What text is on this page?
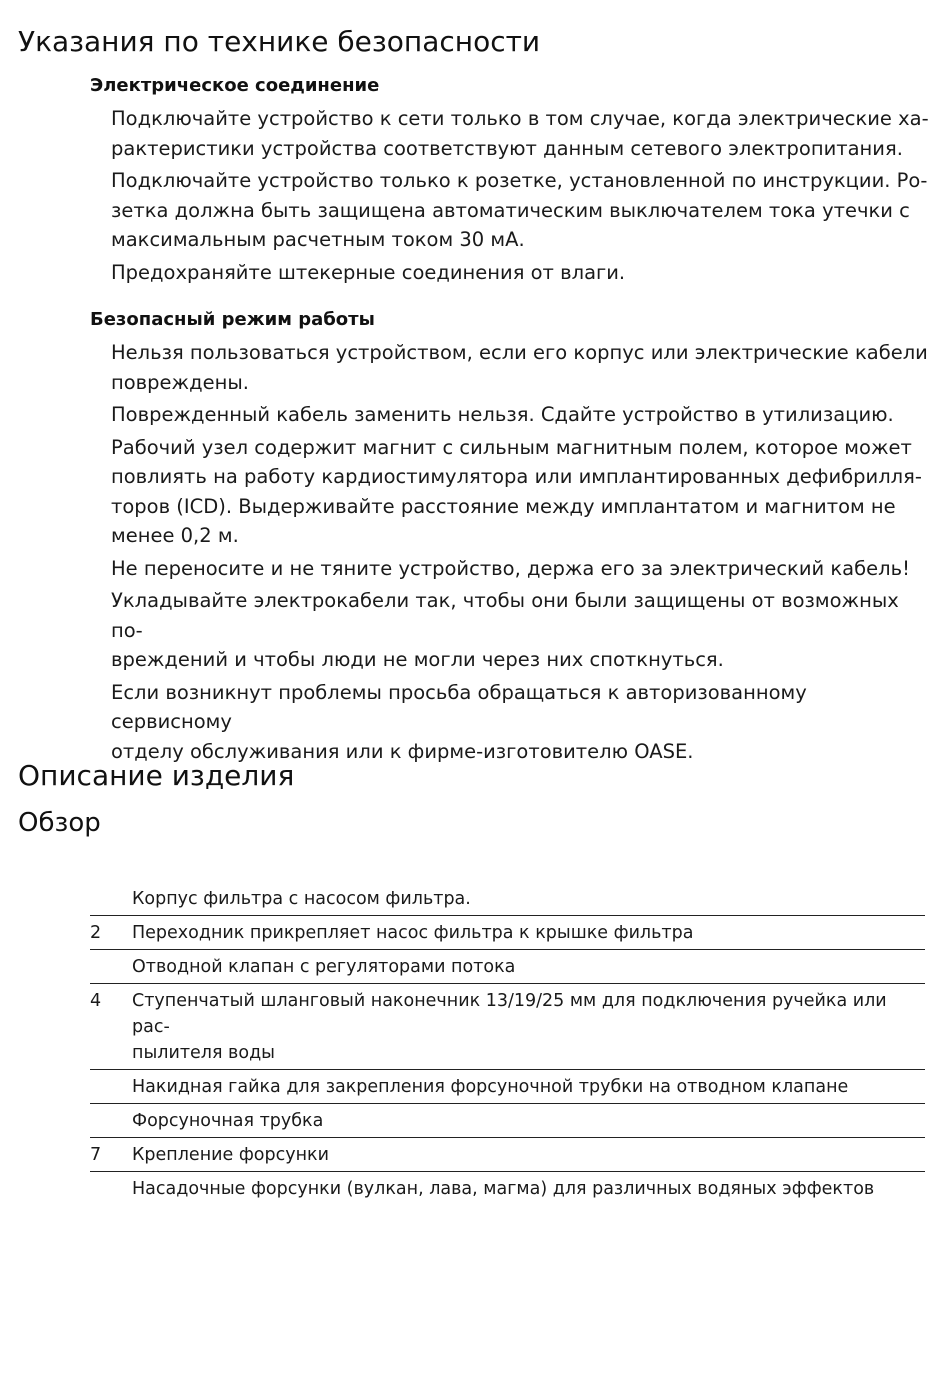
Указания по технике безопасности
Электрическое соединение

Подключайте устройство к сети только в том случае, когда электрические ха-
рактеристики устройства соответствуют данным сетевого электропитания.

Подключайте устройство только к розетке, установленной по инструкции. Ро-
зетка должна быть защищена автоматическим выключателем тока утечки с
максимальным расчетным током 30 мА.

Предохраняйте штекерные соединения от влаги.

Безопасный режим работы

Нельзя пользоваться устройством, если его корпус или электрические кабели
повреждены.

Поврежденный кабель заменить нельзя. Сдайте устройство в утилизацию.

Рабочий узел содержит магнит с сильным магнитным полем, которое может
повлиять на работу кардиостимулятора или имплантированных дефибрилля-
торов (ICD). Выдерживайте расстояние между имплантатом и магнитом не
менее 0,2 м.

Не переносите и не тяните устройство, держа его за электрический кабель!

Укладывайте электрокабели так, чтобы они были защищены от возможных по-
вреждений и чтобы люди не могли через них споткнуться.

Если возникнут проблемы просьба обращаться к авторизованному сервисному
отделу обслуживания или к фирме-изготовителю OASE.

Описание изделия
Обзор
	Корпус фильтра с насосом фильтра.
2	Переходник прикрепляет насос фильтра к крышке фильтра
	Отводной клапан с регуляторами потока
4	Ступенчатый шланговый наконечник 13/19/25 мм для подключения ручейка или рас-
пылителя воды
	Накидная гайка для закрепления форсуночной трубки на отводном клапане
	Форсуночная трубка
7	Крепление форсунки
	Насадочные форсунки (вулкан, лава, магма) для различных водяных эффектов
